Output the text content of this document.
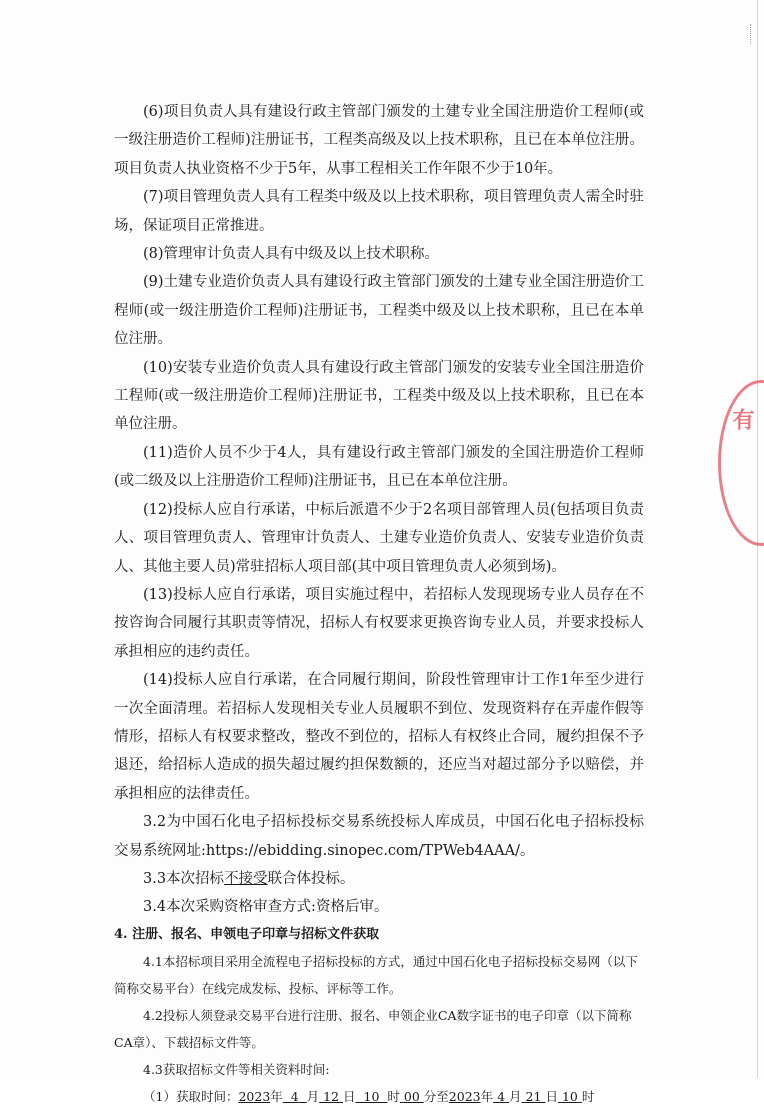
(6)项目负责人具有建设行政主管部门颁发的土建专业全国注册造价工程师(或一级注册造价工程师)注册证书，工程类高级及以上技术职称，且已在本单位注册。项目负责人执业资格不少于5年，从事工程相关工作年限不少于10年。

(7)项目管理负责人具有工程类中级及以上技术职称，项目管理负责人需全时驻场，保证项目正常推进。

(8)管理审计负责人具有中级及以上技术职称。

(9)土建专业造价负责人具有建设行政主管部门颁发的土建专业全国注册造价工程师(或一级注册造价工程师)注册证书，工程类中级及以上技术职称，且已在本单位注册。

(10)安装专业造价负责人具有建设行政主管部门颁发的安装专业全国注册造价工程师(或一级注册造价工程师)注册证书，工程类中级及以上技术职称，且已在本单位注册。

(11)造价人员不少于4人，具有建设行政主管部门颁发的全国注册造价工程师(或二级及以上注册造价工程师)注册证书，且已在本单位注册。

(12)投标人应自行承诺，中标后派遣不少于2名项目部管理人员(包括项目负责人、项目管理负责人、管理审计负责人、土建专业造价负责人、安装专业造价负责人、其他主要人员)常驻招标人项目部(其中项目管理负责人必须到场)。

(13)投标人应自行承诺，项目实施过程中，若招标人发现现场专业人员存在不按咨询合同履行其职责等情况，招标人有权要求更换咨询专业人员，并要求投标人承担相应的违约责任。

(14)投标人应自行承诺，在合同履行期间，阶段性管理审计工作1年至少进行一次全面清理。若招标人发现相关专业人员履职不到位、发现资料存在弄虚作假等情形，招标人有权要求整改，整改不到位的，招标人有权终止合同，履约担保不予退还，给招标人造成的损失超过履约担保数额的，还应当对超过部分予以赔偿，并承担相应的法律责任。

3.2为中国石化电子招标投标交易系统投标人库成员，中国石化电子招标投标交易系统网址:https://ebidding.sinopec.com/TPWeb4AAA/。

3.3本次招标不接受联合体投标。

3.4本次采购资格审查方式:资格后审。

4. 注册、报名、申领电子印章与招标文件获取

4.1本招标项目采用全流程电子招标投标的方式，通过中国石化电子招标投标交易网（以下简称交易平台）在线完成发标、投标、评标等工作。

4.2投标人须登录交易平台进行注册、报名、申领企业CA数字证书的电子印章（以下简称CA章）、下载招标文件等。

4.3获取招标文件等相关资料时间:

（1）获取时间：2023年 4 月 12 日 10 时 00 分至2023年 4 月 21 日 10 时

有
